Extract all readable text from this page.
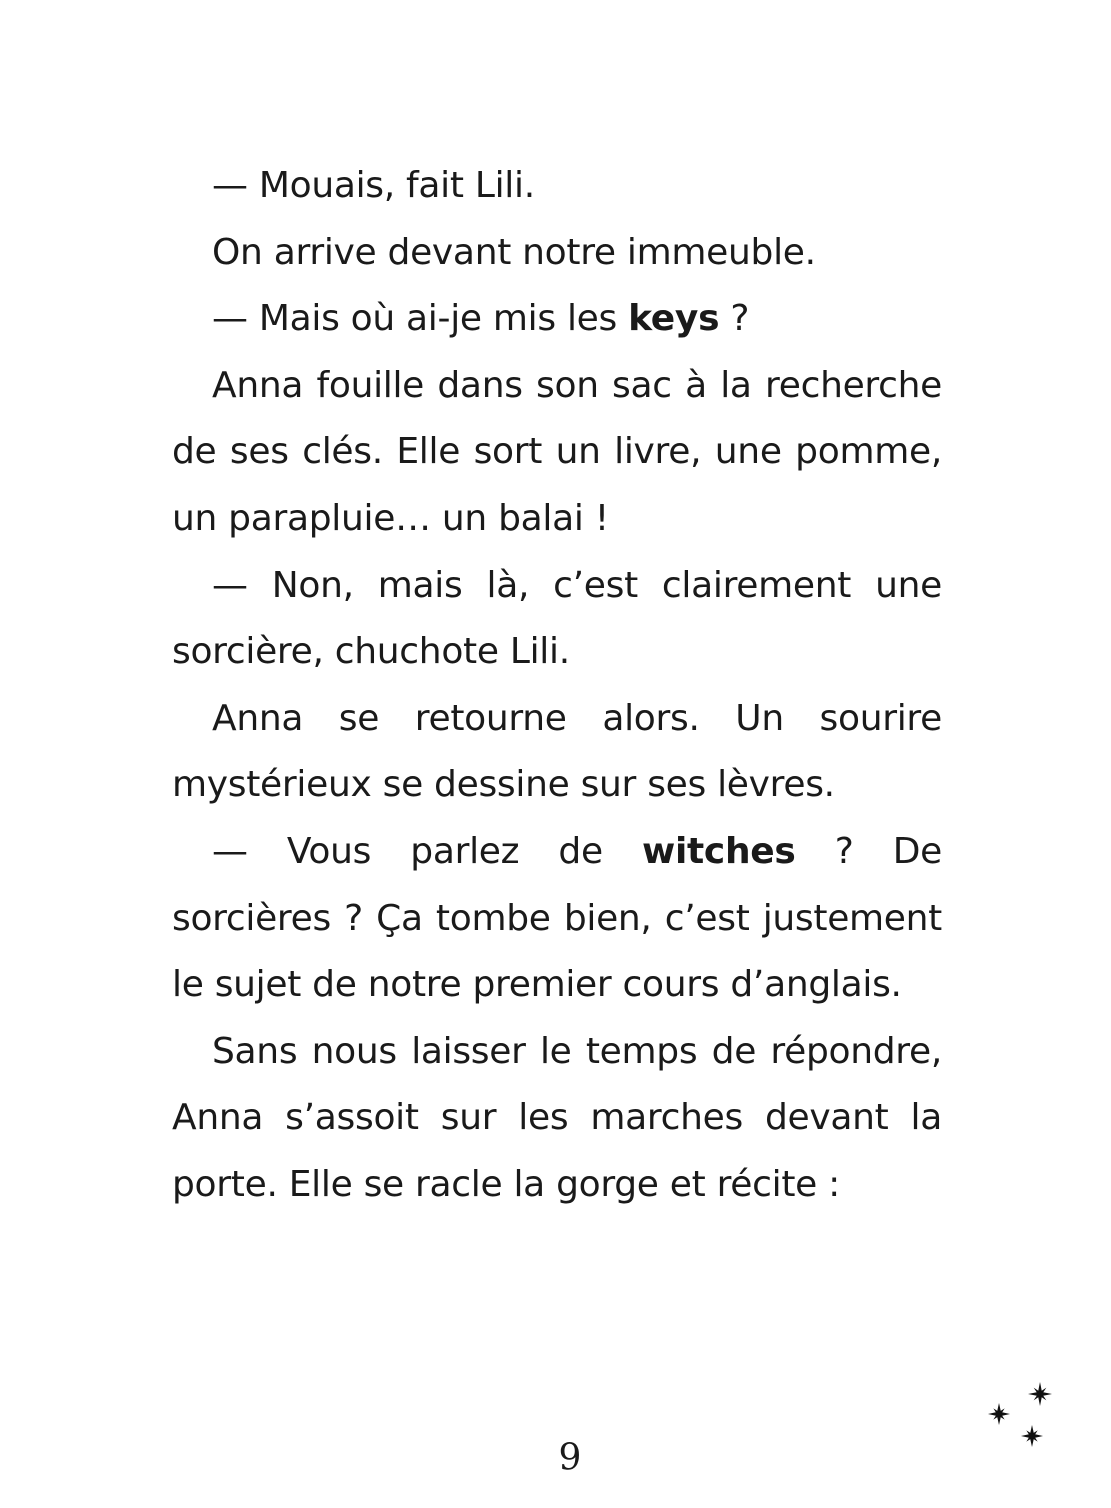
— Mouais, fait Lili.

On arrive devant notre immeuble.

— Mais où ai-je mis les keys ?

Anna fouille dans son sac à la recherche de ses clés. Elle sort un livre, une pomme, un parapluie… un balai !

— Non, mais là, c’est clairement une sorcière, chuchote Lili.

Anna se retourne alors. Un sourire mystérieux se dessine sur ses lèvres.

— Vous parlez de witches ? De sorcières ? Ça tombe bien, c’est justement le sujet de notre premier cours d’anglais.

Sans nous laisser le temps de répondre, Anna s’assoit sur les marches devant la porte. Elle se racle la gorge et récite :

9
